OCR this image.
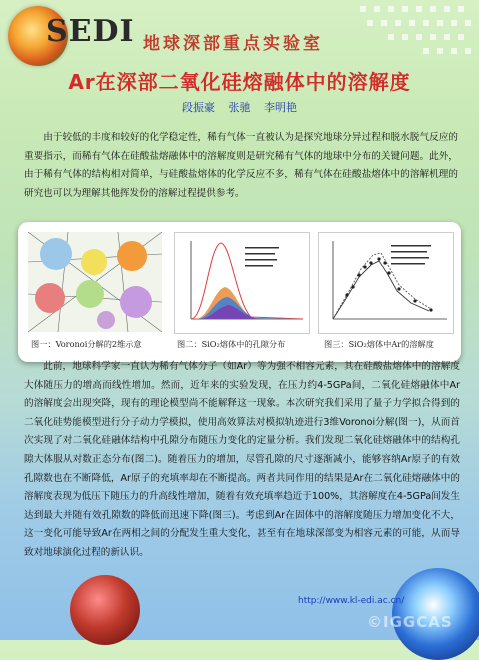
SEDI 地球深部重点实验室
Ar在深部二氧化硅熔融体中的溶解度
段振豪 张驰 李明艳

由于较低的丰度和较好的化学稳定性，稀有气体一直被认为是探究地球分异过程和脱水脱气反应的重要指示，而稀有气体在硅酸盐熔融体中的溶解度则是研究稀有气体的地球中分布的关键问题。此外，由于稀有气体的结构相对简单，与硅酸盐熔体的化学反应不多，稀有气体在硅酸盐熔体中的溶解机理的研究也可以为理解其他挥发份的溶解过程提供参考。

图一：Voronoi分解的2维示意	图二：SiO₂熔体中的孔隙分布	图三：SiO₂熔体中Ar的溶解度

此前，地球科学家一直认为稀有气体分子（如Ar）等为强不相容元素，其在硅酸盐熔体中的溶解度大体随压力的增高而线性增加。然而，近年来的实验发现，在压力约4-5GPa间，二氧化硅熔融体中Ar的溶解度会出现突降，现有的理论模型尚不能解释这一现象。本次研究我们采用了量子力学拟合得到的二氧化硅势能模型进行分子动力学模拟，使用高效算法对模拟轨迹进行3维Voronoi分解(图一)，从而首次实现了对二氧化硅融体结构中孔隙分布随压力变化的定量分析。我们发现二氧化硅熔融体中的结构孔隙大体服从对数正态分布(图二)。随着压力的增加，尽管孔隙的尺寸逐渐减小，能够容纳Ar原子的有效孔隙数也在不断降低，Ar原子的充填率却在不断提高。两者共同作用的结果是Ar在二氧化硅熔融体中的溶解度表现为低压下随压力的升高线性增加，随着有效充填率趋近于100%，其溶解度在4-5GPa间发生达到最大并随有效孔隙数的降低而迅速下降(图三)。考虑到Ar在固体中的溶解度随压力增加变化不大，这一变化可能导致Ar在两相之间的分配发生重大变化，甚至有在地球深部变为相容元素的可能，从而导致对地球演化过程的新认识。

http://www.kl-edi.ac.cn/
©IGGCAS
